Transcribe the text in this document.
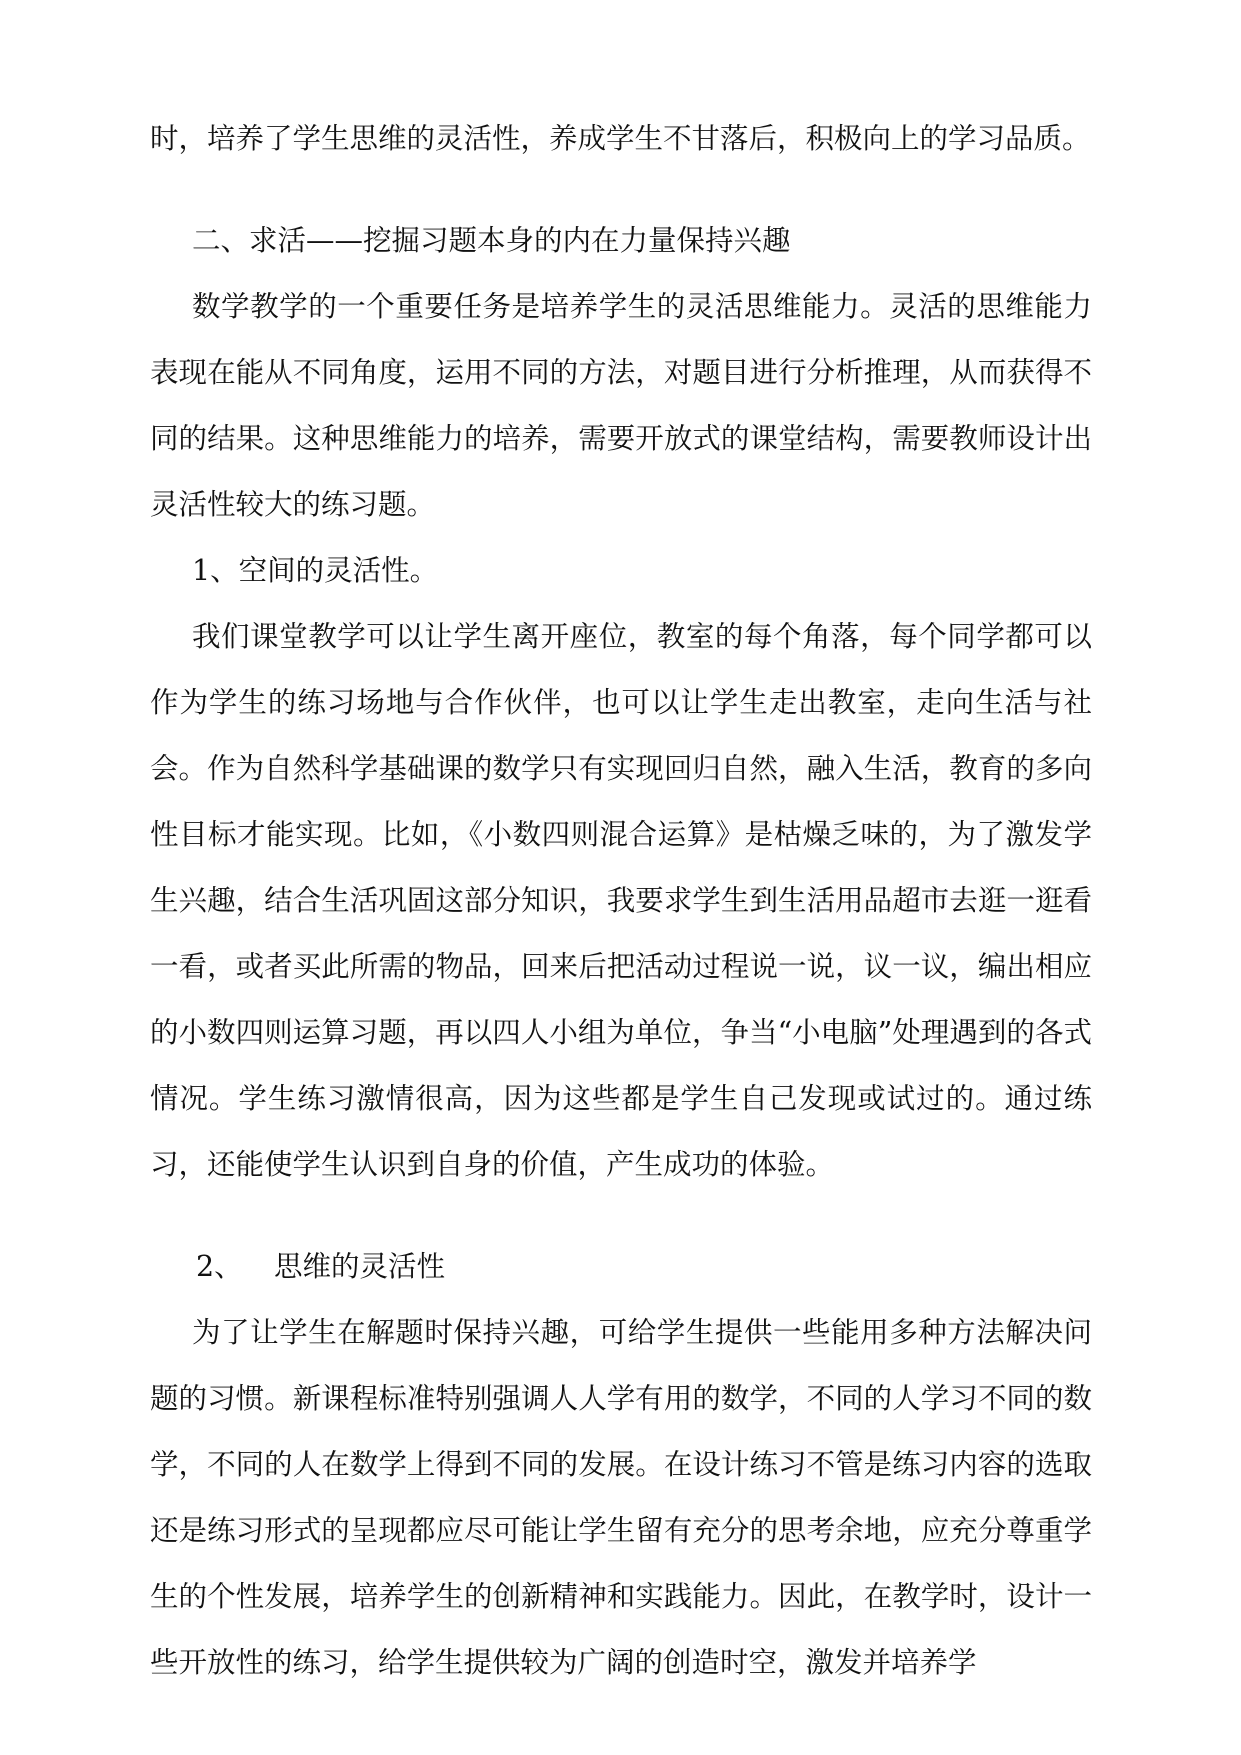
时，培养了学生思维的灵活性，养成学生不甘落后，积极向上的学习品质。

二、求活——挖掘习题本身的内在力量保持兴趣

数学教学的一个重要任务是培养学生的灵活思维能力。灵活的思维能力表现在能从不同角度，运用不同的方法，对题目进行分析推理，从而获得不同的结果。这种思维能力的培养，需要开放式的课堂结构，需要教师设计出灵活性较大的练习题。

1、空间的灵活性。

我们课堂教学可以让学生离开座位，教室的每个角落，每个同学都可以作为学生的练习场地与合作伙伴，也可以让学生走出教室，走向生活与社会。作为自然科学基础课的数学只有实现回归自然，融入生活，教育的多向性目标才能实现。比如，《小数四则混合运算》是枯燥乏味的，为了激发学生兴趣，结合生活巩固这部分知识，我要求学生到生活用品超市去逛一逛看一看，或者买此所需的物品，回来后把活动过程说一说，议一议，编出相应的小数四则运算习题，再以四人小组为单位，争当“小电脑”处理遇到的各式情况。学生练习激情很高，因为这些都是学生自己发现或试过的。通过练习，还能使学生认识到自身的价值，产生成功的体验。

2、 思维的灵活性

为了让学生在解题时保持兴趣，可给学生提供一些能用多种方法解决问题的习惯。新课程标准特别强调人人学有用的数学，不同的人学习不同的数学，不同的人在数学上得到不同的发展。在设计练习不管是练习内容的选取还是练习形式的呈现都应尽可能让学生留有充分的思考余地，应充分尊重学生的个性发展，培养学生的创新精神和实践能力。因此，在教学时，设计一些开放性的练习，给学生提供较为广阔的创造时空，激发并培养学
